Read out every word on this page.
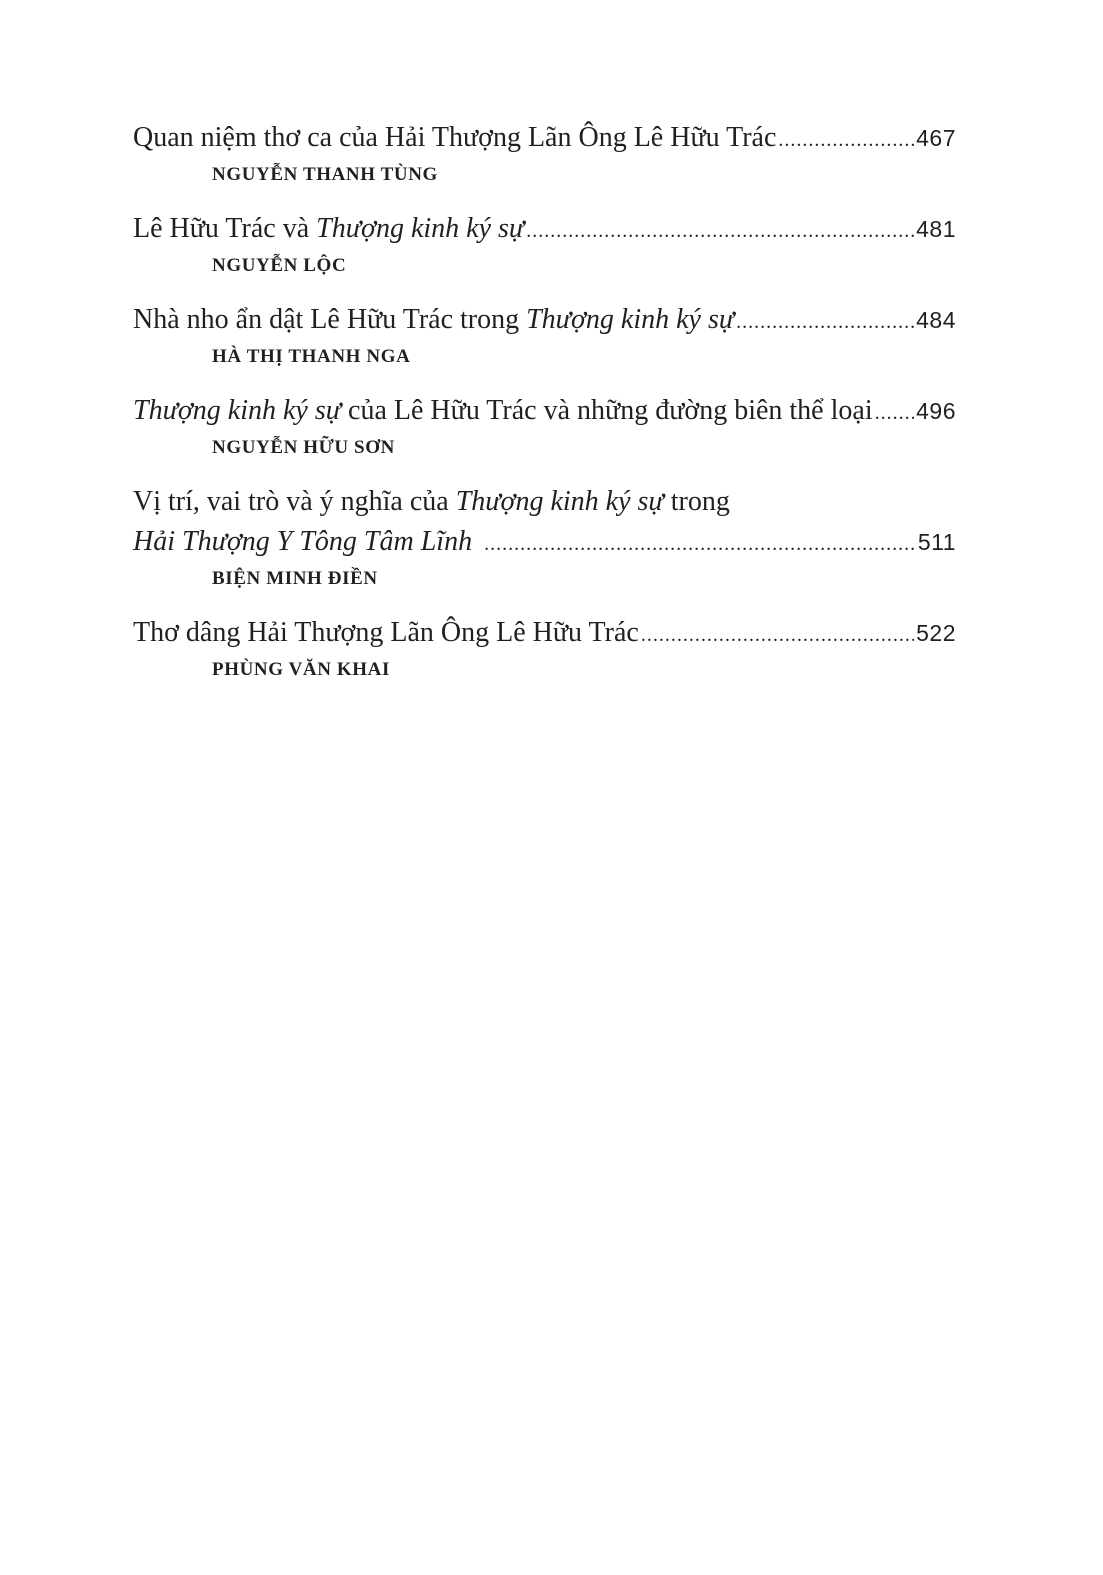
Quan niệm thơ ca của Hải Thượng Lãn Ông Lê Hữu Trác .....	467
NGUYỄN THANH TÙNG
Lê Hữu Trác và Thượng kinh ký sự .....	481
NGUYỄN LỘC
Nhà nho ẩn dật Lê Hữu Trác trong Thượng kinh ký sự .....	484
HÀ THỊ THANH NGA
Thượng kinh ký sự của Lê Hữu Trác và những đường biên thể loại ..... 496
NGUYỄN HỮU SƠN
Vị trí, vai trò và ý nghĩa của Thượng kinh ký sự trong
Hải Thượng Y Tông Tâm Lĩnh .....	511
BIỆN MINH ĐIỀN
Thơ dâng Hải Thượng Lãn Ông Lê Hữu Trác .....	522
PHÙNG VĂN KHAI
